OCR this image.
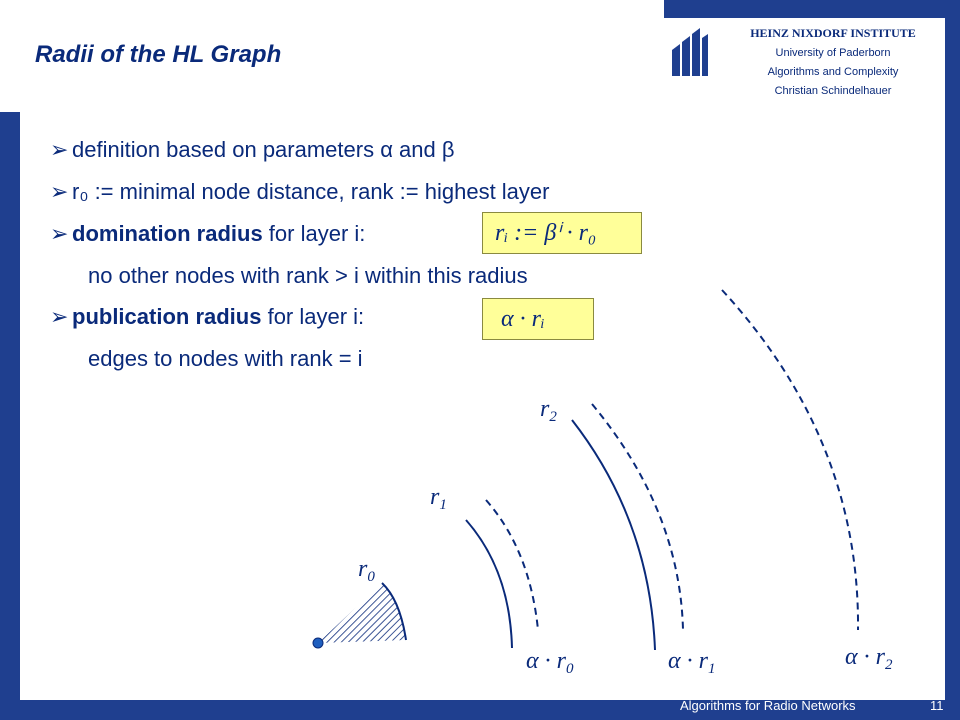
Radii of the HL Graph
HEINZ NIXDORF INSTITUTE
University of Paderborn
Algorithms and Complexity
Christian Schindelhauer
➢ definition based on parameters α and β
➢ r₀ := minimal node distance, rank := highest layer
➢ domination radius for layer i:	rᵢ := βⁱ · r₀
no other nodes with rank > i within this radius
➢ publication radius for layer i:	α · rᵢ
edges to nodes with rank = i
$r_0$
$r_1$
$r_2$
$\alpha \cdot r_0$	$\alpha \cdot r_1$	$\alpha \cdot r_2$
Algorithms for Radio Networks	11
